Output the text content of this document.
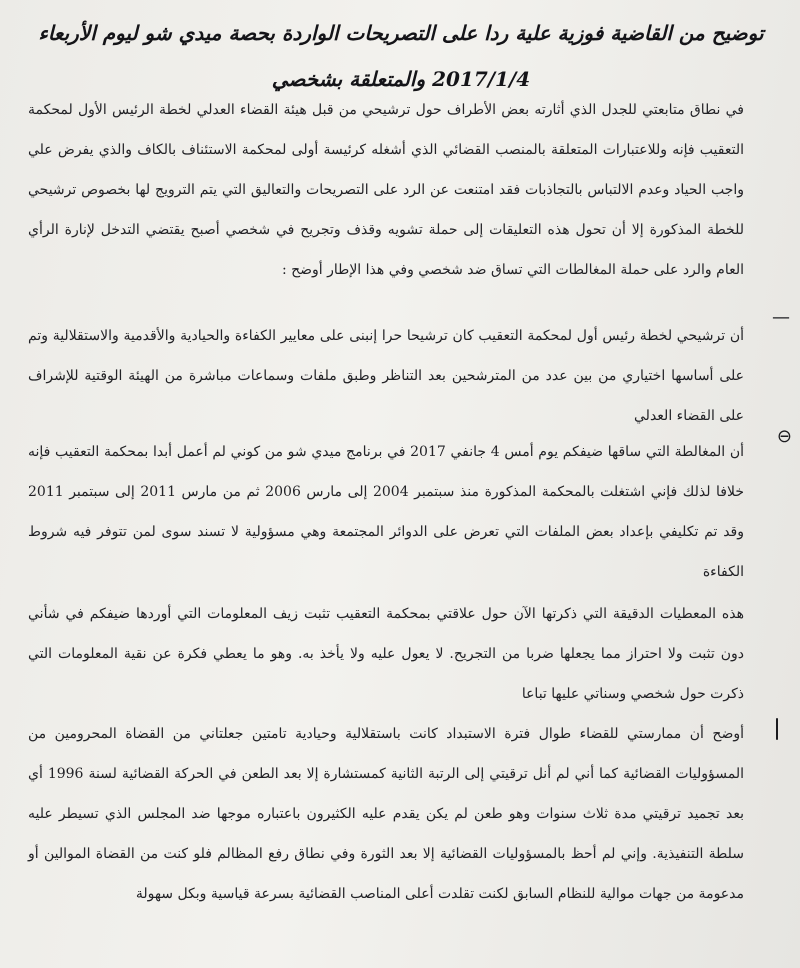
توضيح من القاضية فوزية علية ردا على التصريحات الواردة بحصة ميدي شو ليوم الأربعاء
2017/1/4 والمتعلقة بشخصي

في نطاق متابعتي للجدل الذي أثارته بعض الأطراف حول ترشيحي من قبل هيئة القضاء العدلي لخطة الرئيس الأول لمحكمة التعقيب فإنه وللاعتبارات المتعلقة بالمنصب القضائي الذي أشغله كرئيسة أولى لمحكمة الاستئناف بالكاف والذي يفرض علي واجب الحياد وعدم الالتباس بالتجاذبات فقد امتنعت عن الرد على التصريحات والتعاليق التي يتم الترويج لها بخصوص ترشيحي للخطة المذكورة إلا أن تحول هذه التعليقات إلى حملة تشويه وقذف وتجريح في شخصي أصبح يقتضي التدخل لإنارة الرأي العام والرد على حملة المغالطات التي تساق ضد شخصي وفي هذا الإطار أوضح :

—

أن ترشيحي لخطة رئيس أول لمحكمة التعقيب كان ترشيحا حرا إنبنى على معايير الكفاءة والحيادية والأقدمية والاستقلالية وتم على أساسها اختياري من بين عدد من المترشحين بعد التناظر وطبق ملفات وسماعات مباشرة من الهيئة الوقتية للإشراف على القضاء العدلي

⊖

أن المغالطة التي ساقها ضيفكم يوم أمس 4 جانفي 2017 في برنامج ميدي شو من كوني لم أعمل أبدا بمحكمة التعقيب فإنه خلافا لذلك فإني اشتغلت بالمحكمة المذكورة منذ سبتمبر 2004 إلى مارس 2006 ثم من مارس 2011 إلى سبتمبر 2011 وقد تم تكليفي بإعداد بعض الملفات التي تعرض على الدوائر المجتمعة وهي مسؤولية لا تسند سوى لمن تتوفر فيه شروط الكفاءة

هذه المعطيات الدقيقة التي ذكرتها الآن حول علاقتي بمحكمة التعقيب تثبت زيف المعلومات التي أوردها ضيفكم في شأني دون تثبت ولا احتراز مما يجعلها ضربا من التجريح. لا يعول عليه ولا يأخذ به. وهو ما يعطي فكرة عن نقية المعلومات التي ذكرت حول شخصي وسناتي عليها تباعا

أوضح أن ممارستي للقضاء طوال فترة الاستبداد كانت باستقلالية وحيادية تامتين جعلتاني من القضاة المحرومين من المسؤوليات القضائية كما أني لم أنل ترقيتي إلى الرتبة الثانية كمستشارة إلا بعد الطعن في الحركة القضائية لسنة 1996 أي بعد تجميد ترقيتي مدة ثلاث سنوات وهو طعن لم يكن يقدم عليه الكثيرون باعتباره موجها ضد المجلس الذي تسيطر عليه سلطة التنفيذية. وإني لم أحظ بالمسؤوليات القضائية إلا بعد الثورة وفي نطاق رفع المظالم فلو كنت من القضاة الموالين أو مدعومة من جهات موالية للنظام السابق لكنت تقلدت أعلى المناصب القضائية بسرعة قياسية وبكل سهولة
